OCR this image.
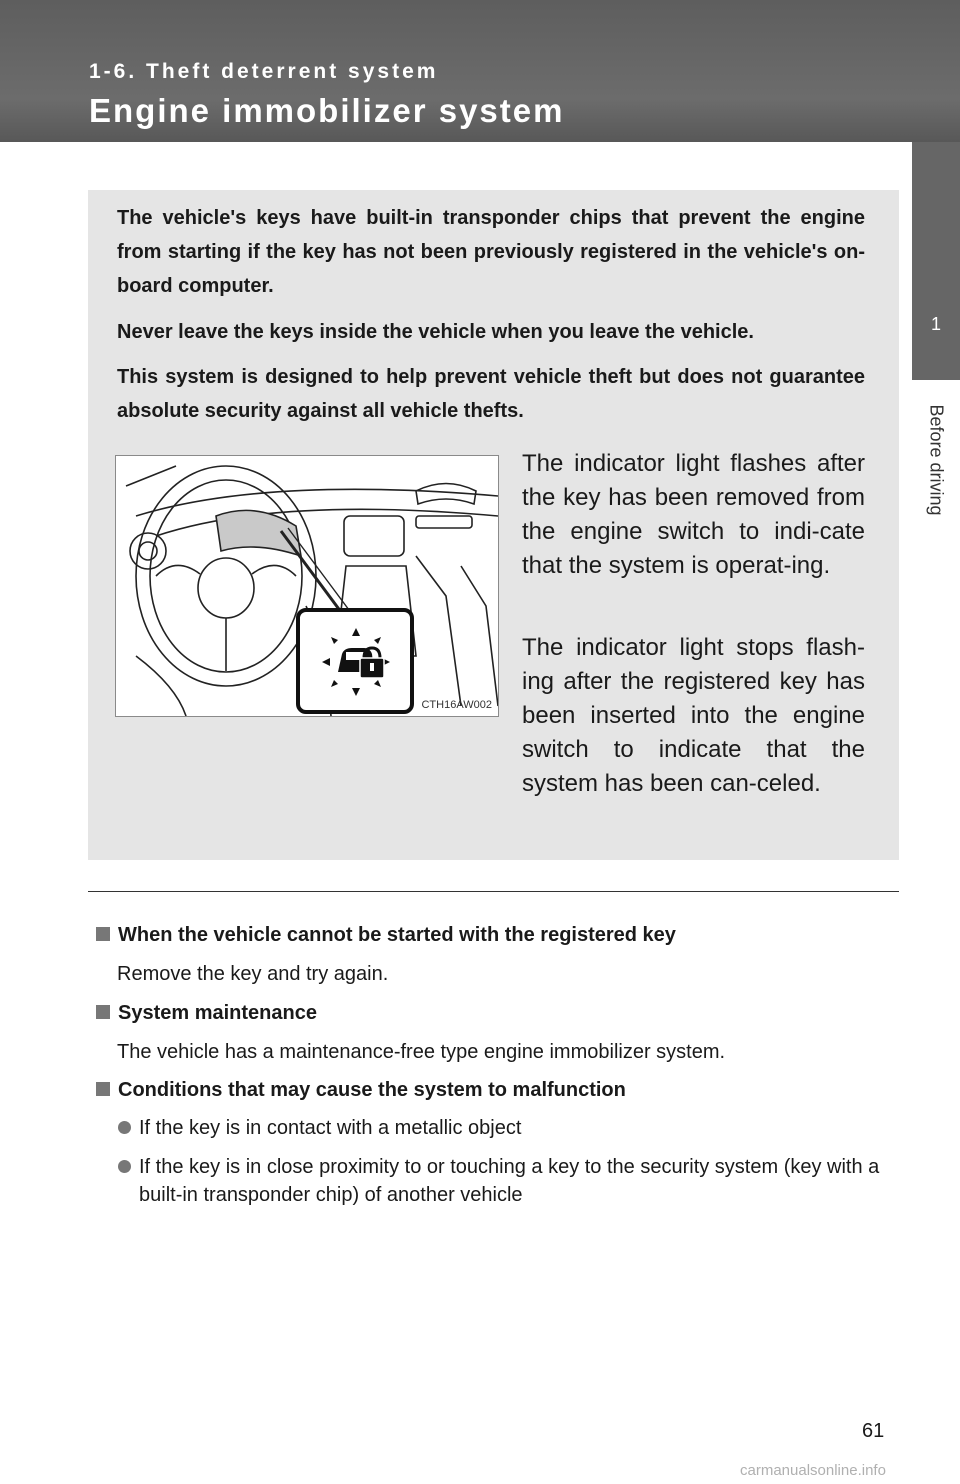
1-6. Theft deterrent system
Engine immobilizer system
1
Before driving

The vehicle's keys have built-in transponder chips that prevent the engine from starting if the key has not been previously registered in the vehicle's on-board computer.

Never leave the keys inside the vehicle when you leave the vehicle.

This system is designed to help prevent vehicle theft but does not guarantee absolute security against all vehicle thefts.

CTH16AW002

The indicator light flashes after the key has been removed from the engine switch to indi-cate that the system is operat-ing.

The indicator light stops flash-ing after the registered key has been inserted into the engine switch to indicate that the system has been can-celed.

When the vehicle cannot be started with the registered key
Remove the key and try again.
System maintenance
The vehicle has a maintenance-free type engine immobilizer system.
Conditions that may cause the system to malfunction
If the key is in contact with a metallic object
If the key is in close proximity to or touching a key to the security system (key with a built-in transponder chip) of another vehicle
61
carmanualsonline.info
